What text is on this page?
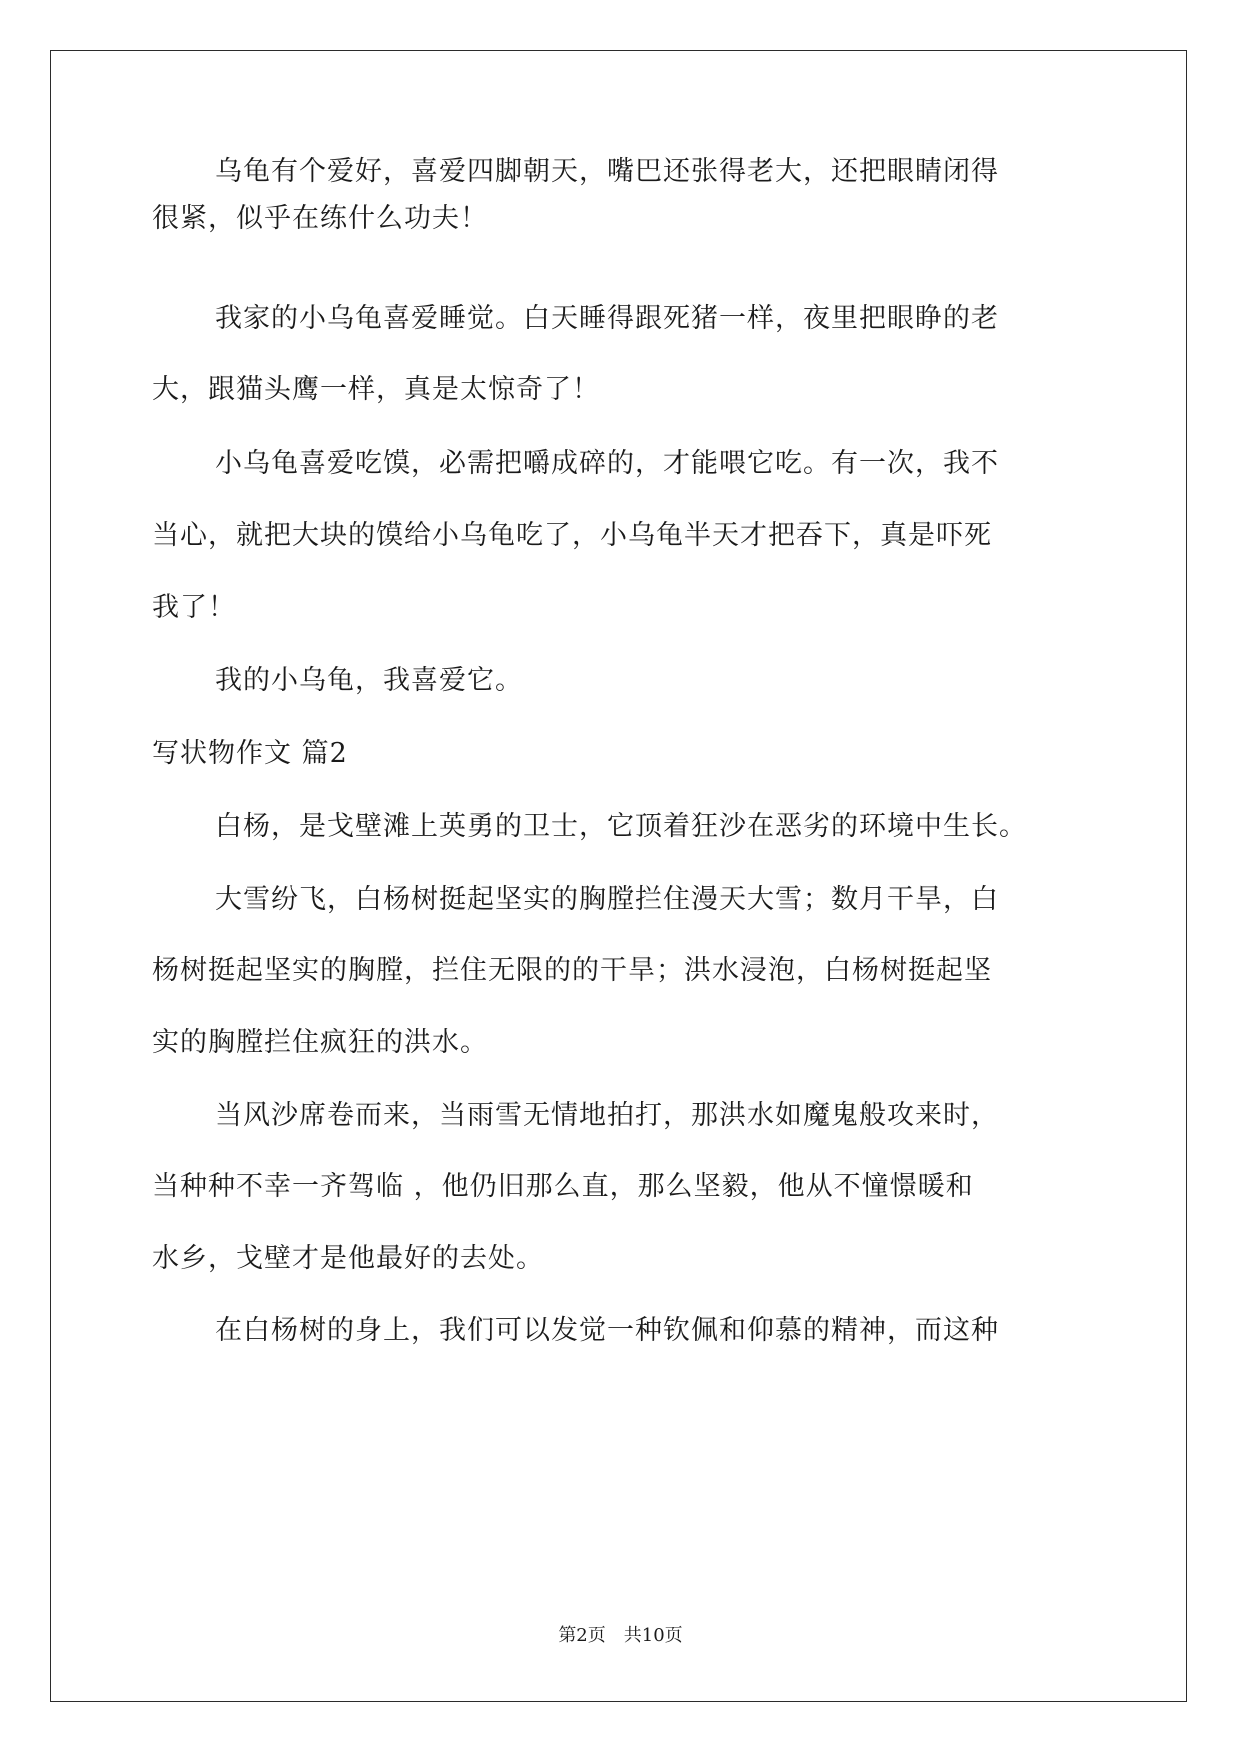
乌龟有个爱好，喜爱四脚朝天，嘴巴还张得老大，还把眼睛闭得
很紧，似乎在练什么功夫！
我家的小乌龟喜爱睡觉。白天睡得跟死猪一样，夜里把眼睁的老
大，跟猫头鹰一样，真是太惊奇了！
小乌龟喜爱吃馍，必需把嚼成碎的，才能喂它吃。有一次，我不
当心，就把大块的馍给小乌龟吃了，小乌龟半天才把吞下，真是吓死
我了！
我的小乌龟，我喜爱它。
写状物作文 篇2
白杨，是戈壁滩上英勇的卫士，它顶着狂沙在恶劣的环境中生长。
大雪纷飞，白杨树挺起坚实的胸膛拦住漫天大雪；数月干旱，白
杨树挺起坚实的胸膛，拦住无限的的干旱；洪水浸泡，白杨树挺起坚
实的胸膛拦住疯狂的洪水。
当风沙席卷而来，当雨雪无情地拍打，那洪水如魔鬼般攻来时，
当种种不幸一齐驾临 ，他仍旧那么直，那么坚毅，他从不憧憬暖和
水乡，戈壁才是他最好的去处。
在白杨树的身上，我们可以发觉一种钦佩和仰慕的精神，而这种
第2页　共10页
